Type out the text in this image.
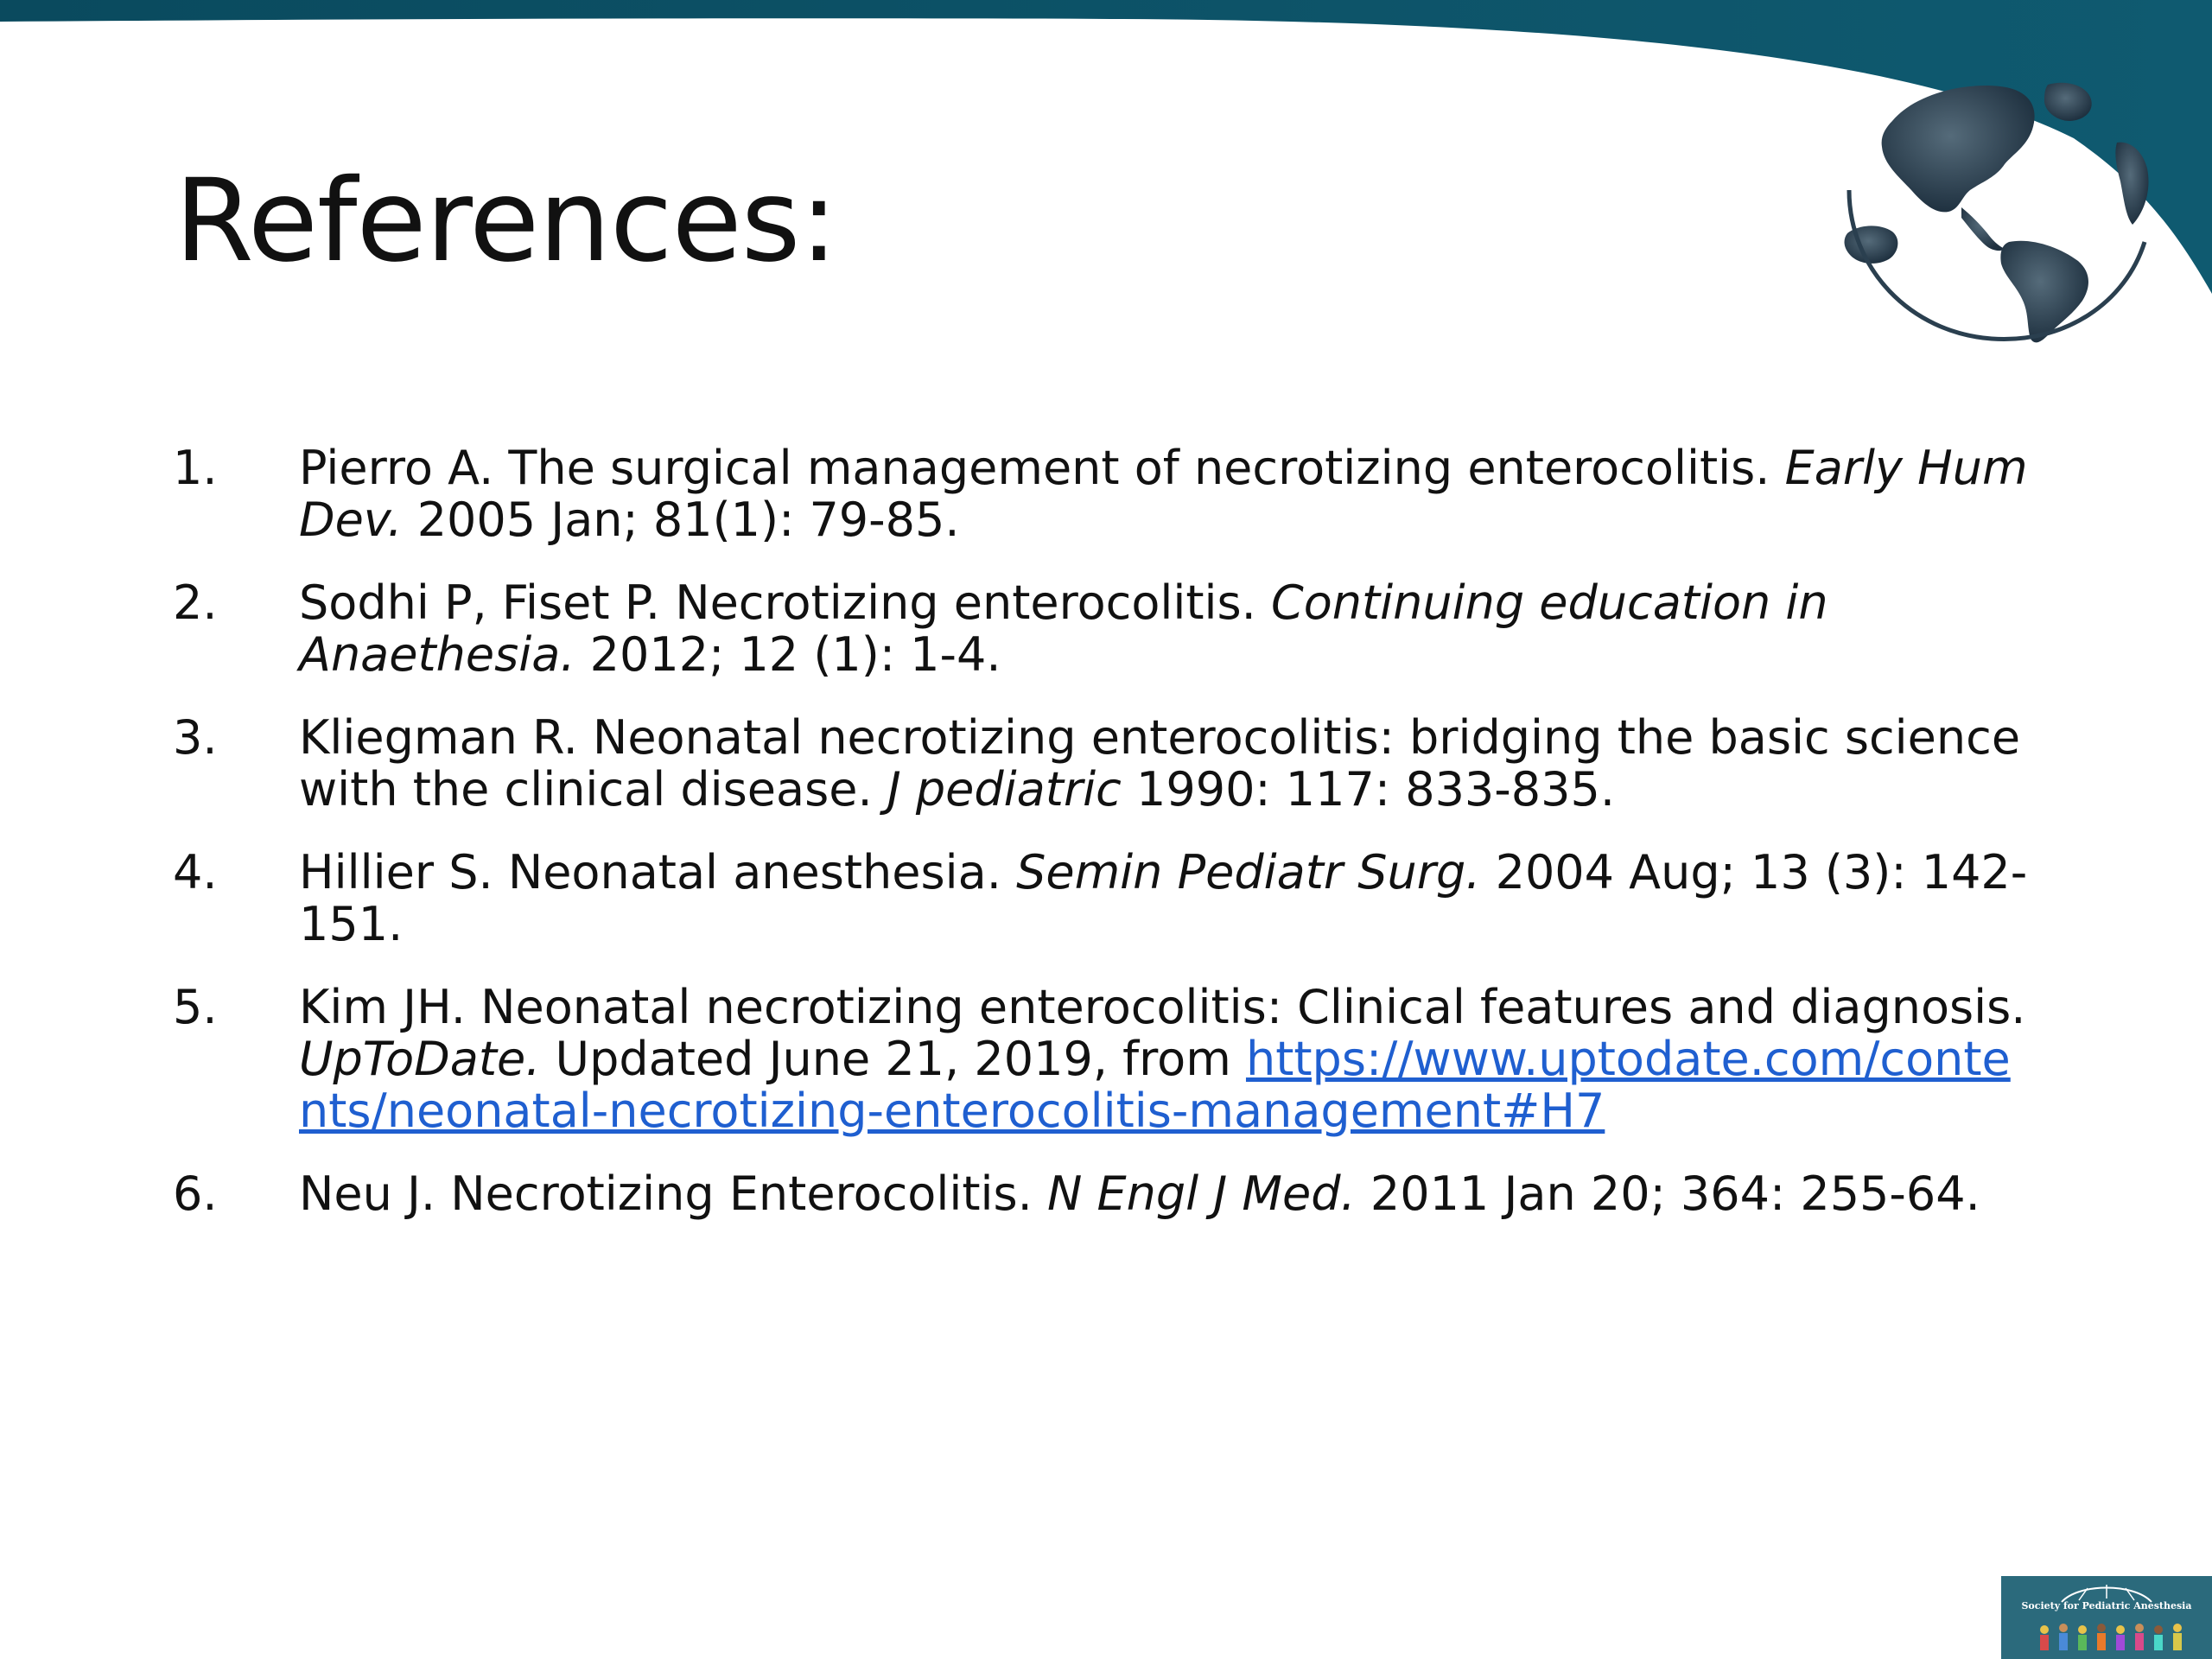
References:
1. Pierro A. The surgical management of necrotizing enterocolitis. Early Hum Dev. 2005 Jan; 81(1): 79-85.
2. Sodhi P, Fiset P. Necrotizing enterocolitis. Continuing education in Anaethesia. 2012; 12 (1): 1-4.
3. Kliegman R. Neonatal necrotizing enterocolitis: bridging the basic science with the clinical disease. J pediatric 1990: 117: 833-835.
4. Hillier S. Neonatal anesthesia. Semin Pediatr Surg. 2004 Aug; 13 (3): 142-151.
5. Kim JH. Neonatal necrotizing enterocolitis: Clinical features and diagnosis. UpToDate. Updated June 21, 2019, from https://www.uptodate.com/contents/neonatal-necrotizing-enterocolitis-management#H7
6. Neu J. Necrotizing Enterocolitis. N Engl J Med. 2011 Jan 20; 364: 255-64.
Society for Pediatric Anesthesia
